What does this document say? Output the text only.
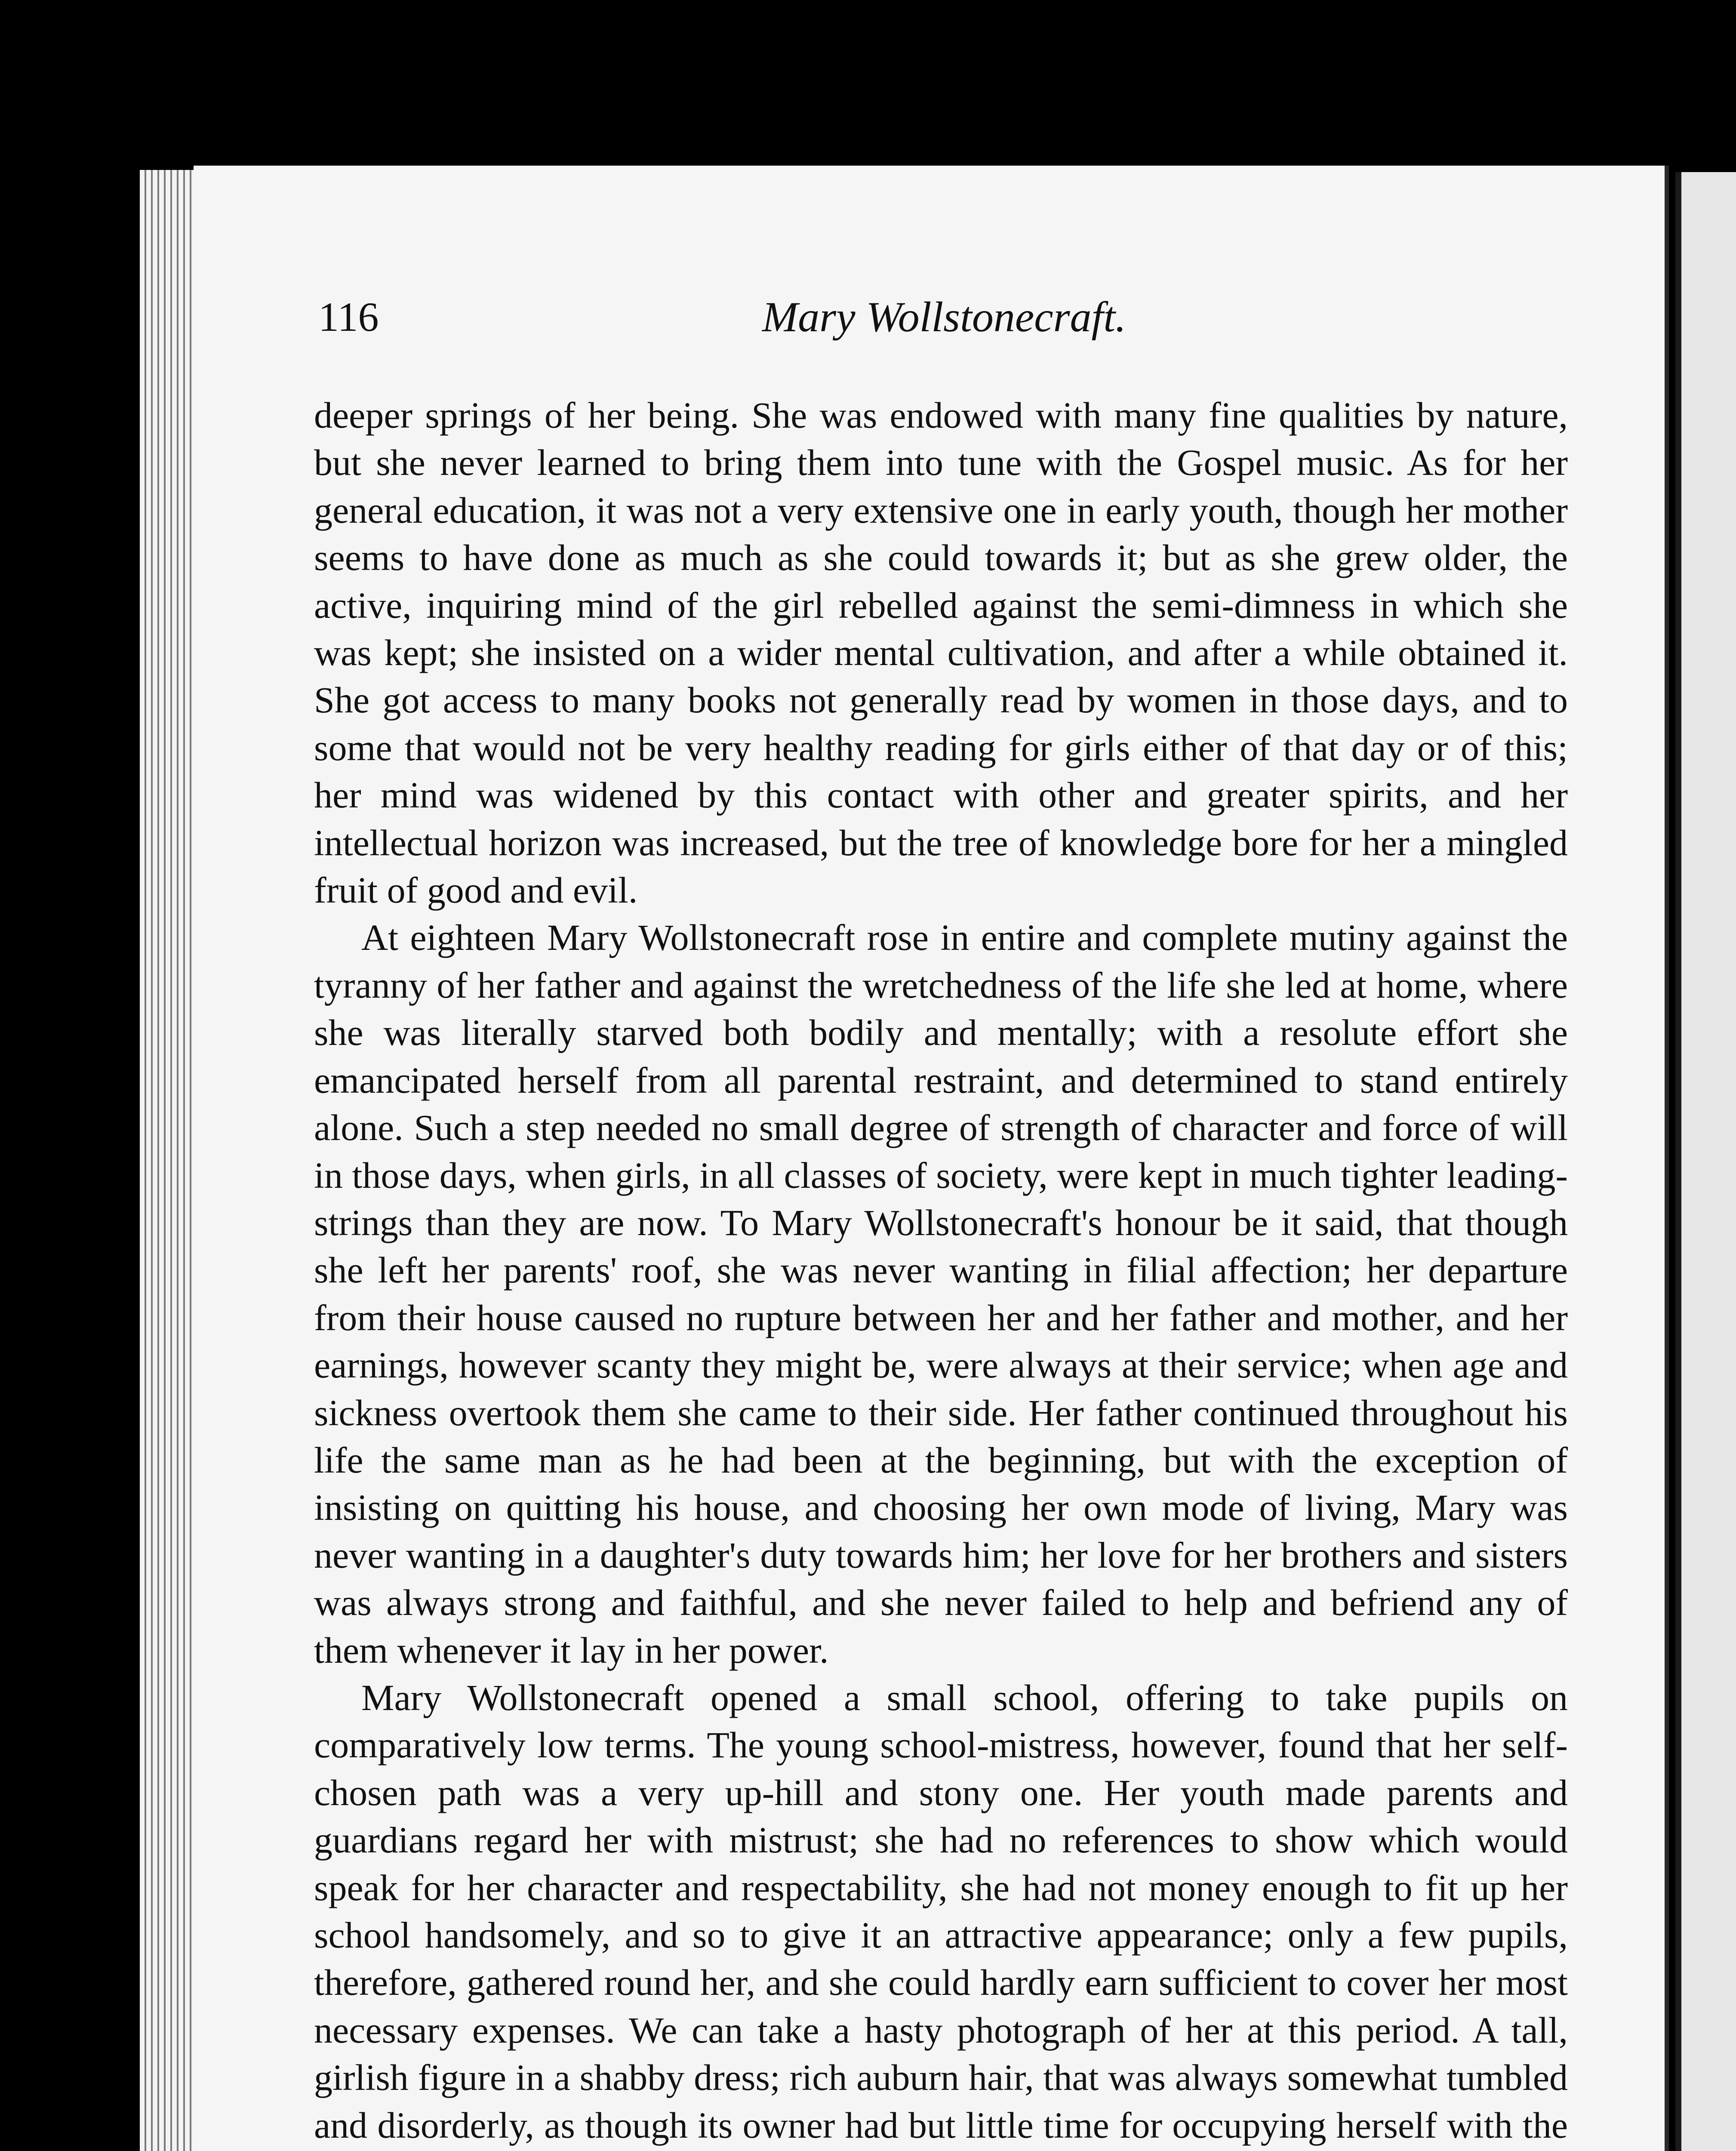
116	Mary Wollstonecraft.

deeper springs of her being. She was endowed with many fine qualities by nature, but she never learned to bring them into tune with the Gospel music. As for her general education, it was not a very extensive one in early youth, though her mother seems to have done as much as she could towards it; but as she grew older, the active, inquiring mind of the girl rebelled against the semi-dimness in which she was kept; she insisted on a wider mental cultivation, and after a while obtained it. She got access to many books not generally read by women in those days, and to some that would not be very healthy reading for girls either of that day or of this; her mind was widened by this contact with other and greater spirits, and her intellectual horizon was increased, but the tree of knowledge bore for her a mingled fruit of good and evil.

At eighteen Mary Wollstonecraft rose in entire and complete mutiny against the tyranny of her father and against the wretchedness of the life she led at home, where she was literally starved both bodily and mentally; with a resolute effort she emancipated herself from all parental restraint, and determined to stand entirely alone. Such a step needed no small degree of strength of character and force of will in those days, when girls, in all classes of society, were kept in much tighter leading-strings than they are now. To Mary Wollstonecraft's honour be it said, that though she left her parents' roof, she was never wanting in filial affection; her departure from their house caused no rupture between her and her father and mother, and her earnings, however scanty they might be, were always at their service; when age and sickness overtook them she came to their side. Her father continued throughout his life the same man as he had been at the beginning, but with the exception of insisting on quitting his house, and choosing her own mode of living, Mary was never wanting in a daughter's duty towards him; her love for her brothers and sisters was always strong and faithful, and she never failed to help and befriend any of them whenever it lay in her power.

Mary Wollstonecraft opened a small school, offering to take pupils on comparatively low terms. The young school-mistress, however, found that her self-chosen path was a very up-hill and stony one. Her youth made parents and guardians regard her with mistrust; she had no references to show which would speak for her character and respectability, she had not money enough to fit up her school handsomely, and so to give it an attractive appearance; only a few pupils, therefore, gathered round her, and she could hardly earn sufficient to cover her most necessary expenses. We can take a hasty photograph of her at this period. A tall, girlish figure in a shabby dress; rich auburn hair, that was always somewhat tumbled and disorderly, as though its owner had but little time for occupying herself with the
